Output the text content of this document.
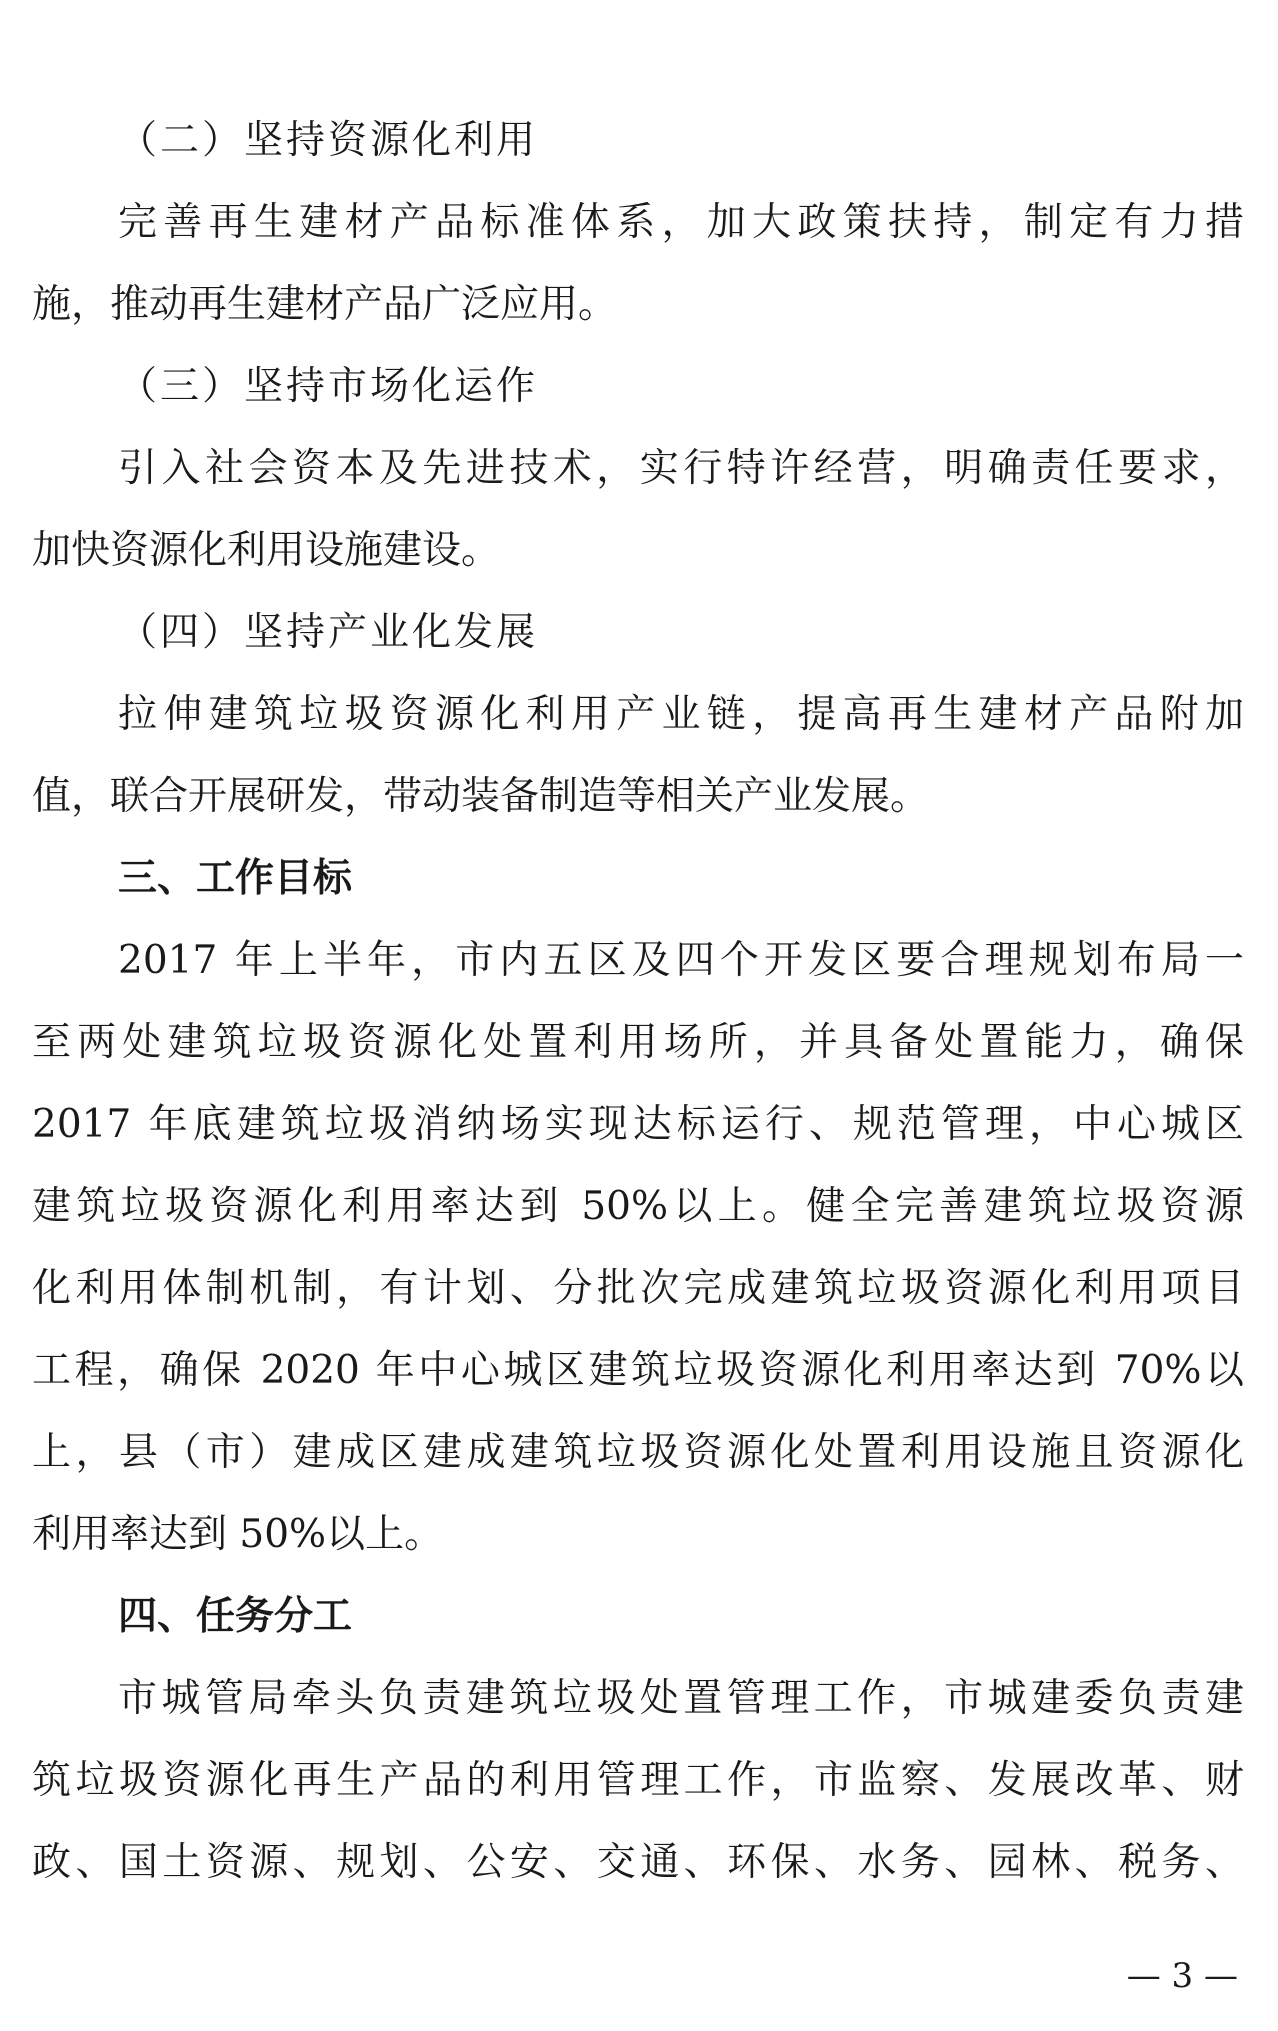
（二）坚持资源化利用
完善再生建材产品标准体系，加大政策扶持，制定有力措
施，推动再生建材产品广泛应用。
（三）坚持市场化运作
引入社会资本及先进技术，实行特许经营，明确责任要求，
加快资源化利用设施建设。
（四）坚持产业化发展
拉伸建筑垃圾资源化利用产业链，提高再生建材产品附加
值，联合开展研发，带动装备制造等相关产业发展。
三、工作目标
2017 年上半年，市内五区及四个开发区要合理规划布局一
至两处建筑垃圾资源化处置利用场所，并具备处置能力，确保
2017 年底建筑垃圾消纳场实现达标运行、规范管理，中心城区
建筑垃圾资源化利用率达到 50%以上。健全完善建筑垃圾资源
化利用体制机制，有计划、分批次完成建筑垃圾资源化利用项目
工程，确保 2020 年中心城区建筑垃圾资源化利用率达到 70%以
上，县（市）建成区建成建筑垃圾资源化处置利用设施且资源化
利用率达到 50%以上。
四、任务分工
市城管局牵头负责建筑垃圾处置管理工作，市城建委负责建
筑垃圾资源化再生产品的利用管理工作，市监察、发展改革、财
政、国土资源、规划、公安、交通、环保、水务、园林、税务、
— 3 —
